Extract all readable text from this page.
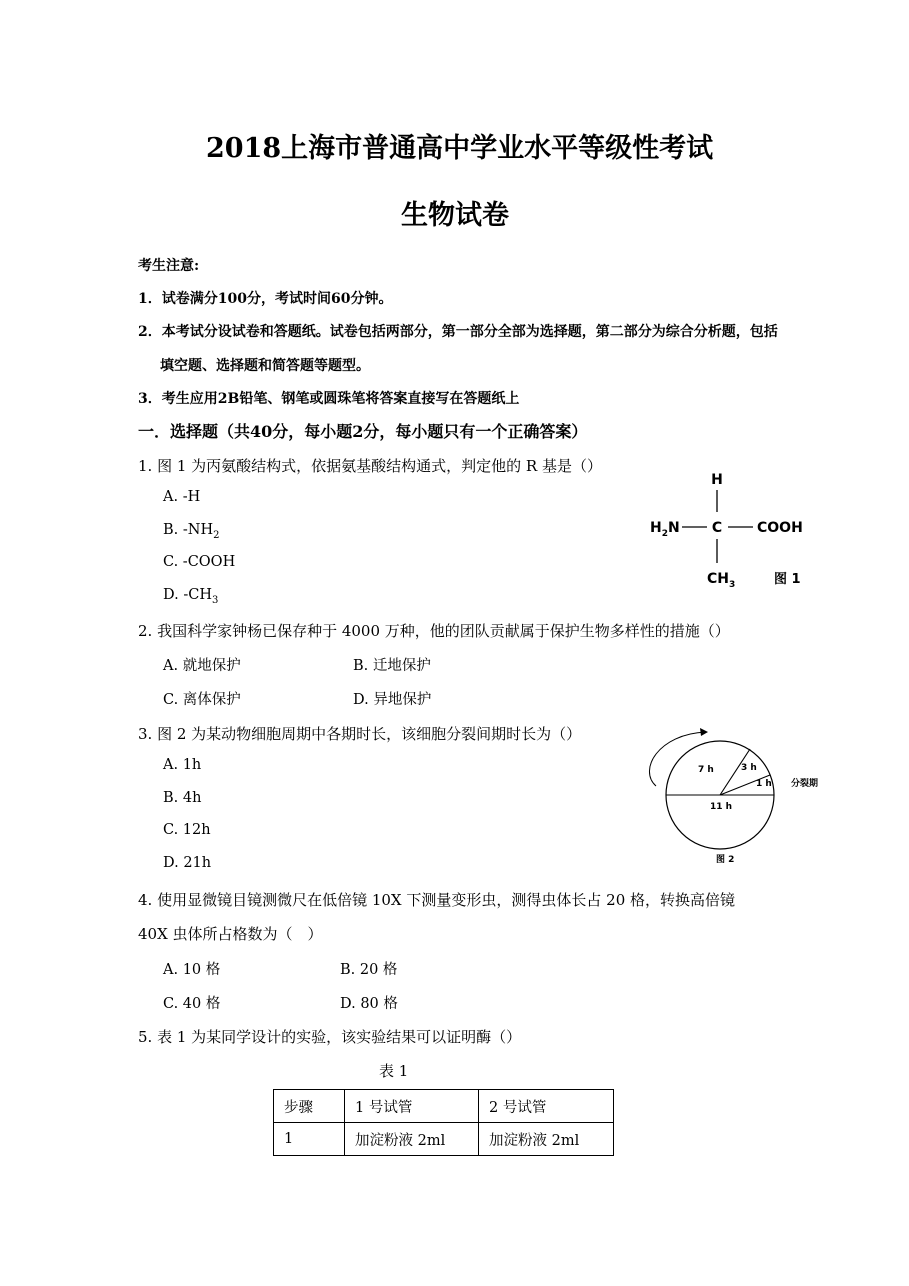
2018上海市普通高中学业水平等级性考试
生物试卷
考生注意:
1．试卷满分100分，考试时间60分钟。
2．本考试分设试卷和答题纸。试卷包括两部分，第一部分全部为选择题，第二部分为综合分析题，包括
填空题、选择题和简答题等题型。
3．考生应用2B铅笔、钢笔或圆珠笔将答案直接写在答题纸上
一．选择题（共40分，每小题2分，每小题只有一个正确答案）
1. 图 1 为丙氨酸结构式，依据氨基酸结构通式，判定他的 R 基是（）
A. -H
B. $-NH_2$
C. -COOH
D. $-CH_3$
H
$H_2N$ C COOH
$CH_3$	图 1
2. 我国科学家钟杨已保存种于 4000 万种，他的团队贡献属于保护生物多样性的措施（）
A. 就地保护	B. 迁地保护
C. 离体保护	D. 异地保护
3. 图 2 为某动物细胞周期中各期时长，该细胞分裂间期时长为（）
A. 1h
B. 4h
C. 12h
D. 21h
7 h	3 h
1 h
11 h
分裂期
图 2
4. 使用显微镜目镜测微尺在低倍镜 10X 下测量变形虫，测得虫体长占 20 格，转换高倍镜
40X 虫体所占格数为（　）
A. 10 格	B. 20 格
C. 40 格	D. 80 格
5. 表 1 为某同学设计的实验，该实验结果可以证明酶（）
表 1
步骤	1 号试管	2 号试管
1	加淀粉液 2ml	加淀粉液 2ml
